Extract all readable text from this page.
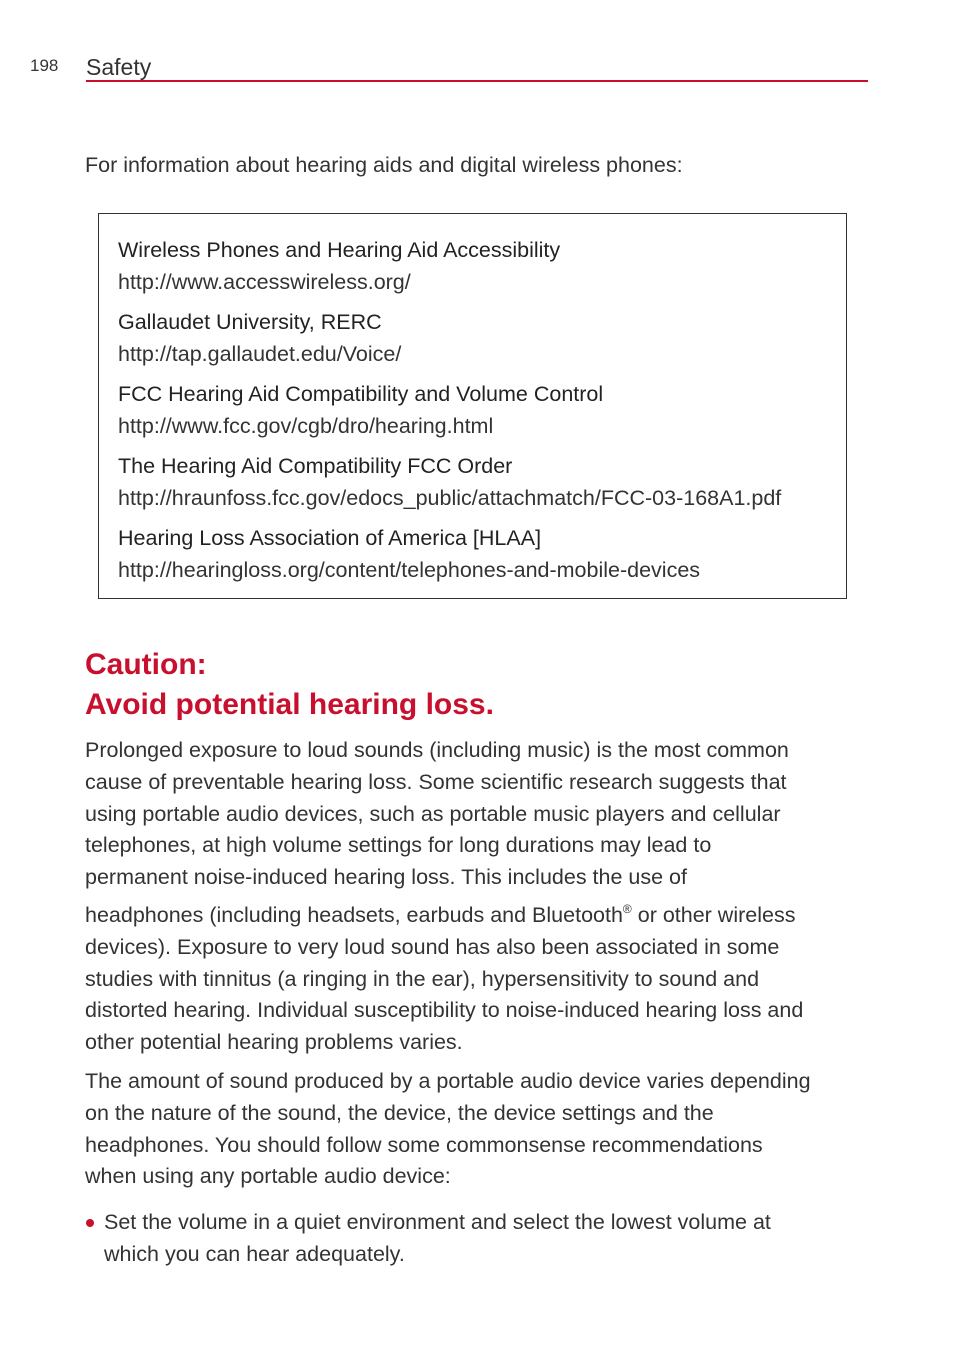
198 Safety
For information about hearing aids and digital wireless phones:
Wireless Phones and Hearing Aid Accessibility
http://www.accesswireless.org/
Gallaudet University, RERC
http://tap.gallaudet.edu/Voice/
FCC Hearing Aid Compatibility and Volume Control
http://www.fcc.gov/cgb/dro/hearing.html
The Hearing Aid Compatibility FCC Order
http://hraunfoss.fcc.gov/edocs_public/attachmatch/FCC-03-168A1.pdf
Hearing Loss Association of America [HLAA]
http://hearingloss.org/content/telephones-and-mobile-devices
Caution:
Avoid potential hearing loss.
Prolonged exposure to loud sounds (including music) is the most common
cause of preventable hearing loss. Some scientific research suggests that
using portable audio devices, such as portable music players and cellular
telephones, at high volume settings for long durations may lead to
permanent noise-induced hearing loss. This includes the use of
headphones (including headsets, earbuds and Bluetooth® or other wireless
devices). Exposure to very loud sound has also been associated in some
studies with tinnitus (a ringing in the ear), hypersensitivity to sound and
distorted hearing. Individual susceptibility to noise-induced hearing loss and
other potential hearing problems varies.
The amount of sound produced by a portable audio device varies depending
on the nature of the sound, the device, the device settings and the
headphones. You should follow some commonsense recommendations
when using any portable audio device:
Set the volume in a quiet environment and select the lowest volume at
which you can hear adequately.
